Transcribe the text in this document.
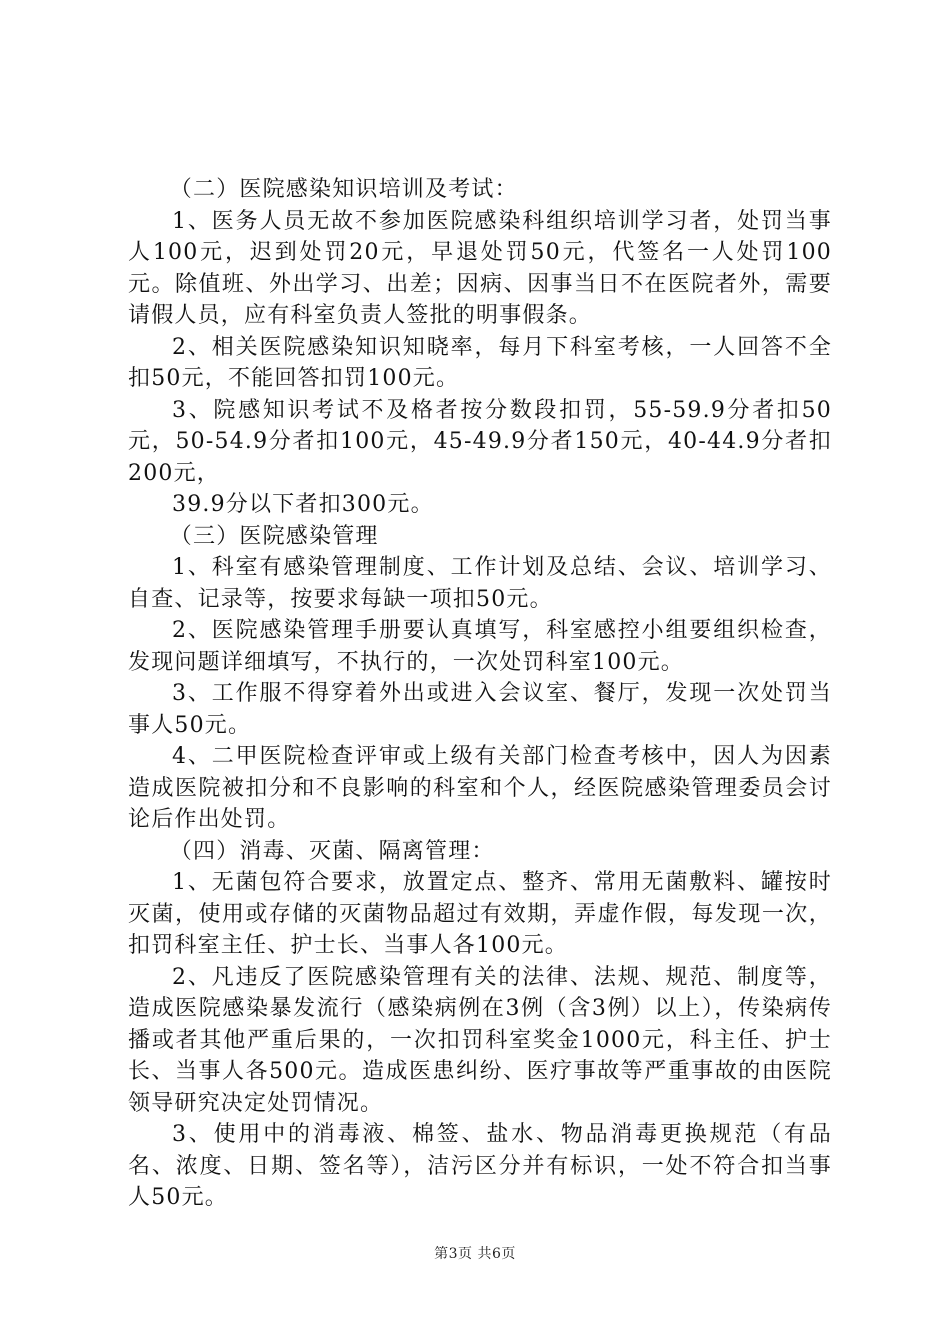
（二）医院感染知识培训及考试：

1、医务人员无故不参加医院感染科组织培训学习者，处罚当事人100元，迟到处罚20元，早退处罚50元，代签名一人处罚100元。除值班、外出学习、出差；因病、因事当日不在医院者外，需要请假人员，应有科室负责人签批的明事假条。

2、相关医院感染知识知晓率，每月下科室考核，一人回答不全扣50元，不能回答扣罚100元。

3、院感知识考试不及格者按分数段扣罚，55-59.9分者扣50元，50-54.9分者扣100元，45-49.9分者150元，40-44.9分者扣200元，

39.9分以下者扣300元。

（三）医院感染管理

1、科室有感染管理制度、工作计划及总结、会议、培训学习、自查、记录等，按要求每缺一项扣50元。

2、医院感染管理手册要认真填写，科室感控小组要组织检查，发现问题详细填写，不执行的，一次处罚科室100元。

3、工作服不得穿着外出或进入会议室、餐厅，发现一次处罚当事人50元。

4、二甲医院检查评审或上级有关部门检查考核中，因人为因素造成医院被扣分和不良影响的科室和个人，经医院感染管理委员会讨论后作出处罚。

（四）消毒、灭菌、隔离管理：

1、无菌包符合要求，放置定点、整齐、常用无菌敷料、罐按时灭菌，使用或存储的灭菌物品超过有效期，弄虚作假，每发现一次，扣罚科室主任、护士长、当事人各100元。

2、凡违反了医院感染管理有关的法律、法规、规范、制度等，造成医院感染暴发流行（感染病例在3例（含3例）以上），传染病传播或者其他严重后果的，一次扣罚科室奖金1000元，科主任、护士长、当事人各500元。造成医患纠纷、医疗事故等严重事故的由医院领导研究决定处罚情况。

3、使用中的消毒液、棉签、盐水、物品消毒更换规范（有品名、浓度、日期、签名等），洁污区分并有标识，一处不符合扣当事人50元。

第3页 共6页
